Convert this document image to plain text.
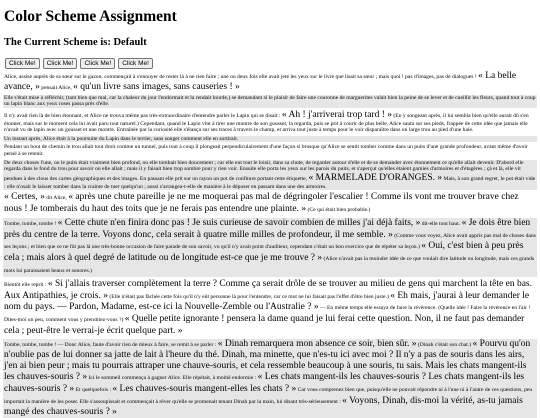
Color Scheme Assignment
The Current Scheme is: Default
Click Me!	Click Me!	Click Me!	Click Me!
Alice, assise auprès de sa sœur sur le gazon, commençait à s'ennuyer de rester là à ne rien faire ; une ou deux fois elle avait jeté les yeux sur le livre que lisait sa sœur ; mais quoi ! pas d'images, pas de dialogues ! « La belle avance, » pensait Alice, « qu'un livre sans images, sans causeries ! »
Elle s'était mise à réfléchir, (tant bien que mal, car la chaleur du jour l'endormait et la rendait lourde,) se demandant si le plaisir de faire une couronne de marguerites valait bien la peine de se lever et de cueillir les fleurs, quand tout à coup un lapin blanc aux yeux roses passa près d'elle.
Il n'y avait rien là de bien étonnant, et Alice ne trouva même pas très-extraordinaire d'entendre parler le Lapin qui se disait : « Ah ! j'arriverai trop tard ! » (En y songeant après, il lui sembla bien qu'elle aurait dû s'en étonner, mais sur le moment cela lui avait paru tout naturel.) Cependant, quand le Lapin vint à tirer une montre de son gousset, la regarda, puis se prit à courir de plus belle, Alice sauta sur ses pieds, frappée de cette idée que jamais elle n'avait vu de lapin avec un gousset et une montre. Entraînée par la curiosité elle s'élança sur ses traces à travers le champ, et arriva tout juste à temps pour le voir disparaître dans un large trou au pied d'une haie.
Un instant après, Alice était à la poursuite du Lapin dans le terrier, sans songer comment elle en sortirait.
Pendant un bout de chemin le trou allait tout droit comme un tunnel, puis tout à coup il plongeait perpendiculairement d'une façon si brusque qu'Alice se sentit tomber comme dans un puits d'une grande profondeur, avant même d'avoir pensé à se retenir.
De deux choses l'une, ou le puits était vraiment bien profond, ou elle tombait bien doucement ; car elle eut tout le loisir, dans sa chute, de regarder autour d'elle et de se demander avec étonnement ce qu'elle allait devenir. D'abord elle regarda dans le fond du trou pour savoir où elle allait ; mais il y faisait bien trop sombre pour y rien voir. Ensuite elle porta les yeux sur les parois du puits, et s'aperçut qu'elles étaient garnies d'armoires et d'étagères ; çà et là, elle vit pendues à des clous des cartes géographiques et des images. En passant elle prit sur un rayon un pot de confiture portant cette étiquette, « MARMELADE D'ORANGES. » Mais, à son grand regret, le pot était vide : elle n'osait le laisser tomber dans la crainte de tuer quelqu'un ; aussi s'arrangea-t-elle de manière à le déposer en passant dans une des armoires.
« Certes, » dit Alice, « après une chute pareille je ne me moquerai pas mal de dégringoler l'escalier ! Comme ils vont me trouver brave chez nous ! Je tomberais du haut des toits que je ne ferais pas entendre une plainte. » (Ce qui était bien probable.)
Tombe, tombe, tombe ! « Cette chute n'en finira donc pas ! Je suis curieuse de savoir combien de milles j'ai déjà faits, » dit-elle tout haut. « Je dois être bien près du centre de la terre. Voyons donc, cela serait à quatre mille milles de profondeur, il me semble. » (Comme vous voyez, Alice avait appris pas mal de choses dans ses leçons ; et bien que ce ne fût pas là une très-bonne occasion de faire parade de son savoir, vu qu'il n'y avait point d'auditeur, cependant c'était un bon exercice que de répéter sa leçon.) « Oui, c'est bien à peu près cela ; mais alors à quel degré de latitude ou de longitude est-ce que je me trouve ? » (Alice n'avait pas la moindre idée de ce que voulait dire latitude ou longitude, mais ces grands mots lui paraissaient beaux et sonores.)
Bientôt elle reprit : « Si j'allais traverser complètement la terre ? Comme ça serait drôle de se trouver au milieu de gens qui marchent la tête en bas. Aux Antipathies, je crois. » (Elle n'était pas fâchée cette fois qu'il n'y eût personne là pour l'entendre, car ce mot ne lui faisait pas l'effet d'être bien juste.) « Eh mais, j'aurai à leur demander le nom du pays. — Pardon, Madame, est-ce ici la Nouvelle-Zemble ou l'Australie ? » — En même temps elle essaya de faire la révérence. (Quelle idée ! Faire la révérence en l'air ! Dites-moi un peu, comment vous y prendriez-vous ?) « Quelle petite ignorante ! pensera la dame quand je lui ferai cette question. Non, il ne faut pas demander cela ; peut-être le verrai-je écrit quelque part. »
Tombe, tombe, tombe ! — Donc Alice, faute d'avoir rien de mieux à faire, se remit à se parler : « Dinah remarquera mon absence ce soir, bien sûr. » (Dinah c'était son chat.) « Pourvu qu'on n'oublie pas de lui donner sa jatte de lait à l'heure du thé. Dinah, ma minette, que n'es-tu ici avec moi ? Il n'y a pas de souris dans les airs, j'en ai bien peur ; mais tu pourrais attraper une chauve-souris, et cela ressemble beaucoup à une souris, tu sais. Mais les chats mangent-ils les chauves-souris ? » Ici le sommeil commença à gagner Alice. Elle répétait, à moitié endormie : « Les chats mangent-ils les chauves-souris ? Les chats mangent-ils les chauves-souris ? » Et quelquefois : « Les chauves-souris mangent-elles les chats ? » Car vous comprenez bien que, puisqu'elle ne pouvait répondre ni à l'une ni à l'autre de ces questions, peu importait la manière de les poser. Elle s'assoupissait et commençait à rêver qu'elle se promenait tenant Dinah par la main, lui disant très-sérieusement : « Voyons, Dinah, dis-moi la vérité, as-tu jamais mangé des chauves-souris ? »
